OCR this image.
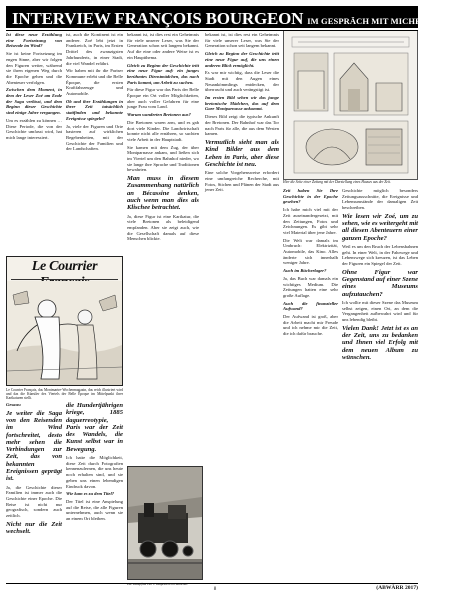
INTERVIEW FRANÇOIS BOURGEON IM GESPRÄCH MIT MICHEL THIÉBAUT

Ist diese neue Erzählung eine Fortsetzung von Reisende im Wind?

Sie ist keine Fortsetzung im engen Sinne, aber wir folgen den Figuren weiter, während sie ihren eigenen Weg durch die Epoche gehen und die Abenteuer verfolgen.

Zwischen dem Moment, in dem der Leser Zoé am Ende der Saga verlässt, und dem Beginn dieser Geschichte sind einige Jahre vergangen.

Um es erzählen zu können … Diese Periode, die von der Geschichte umfasst wird, hat mich lange interessiert.

ist, auch die Kontinent ist ein anderer. Zoé lebt jetzt in Frankreich, in Paris, im Ersten Drittel des zwanzigsten Jahrhunderts, in einer Stadt, die viel Wandel erfährt.

Wir haben mit ihr die Pariser Kommune erlebt und die Belle Époque, die ersten Kraftfahrzeuge und Automobile.

Ob und ihre Erzählungen in ihrer Zeit tatsächlich stattfinden und bekannte Ereignisse spiegeln?

Ja, viele der Figuren und Orte basieren auf wirklichen Begebenheiten, mit der Geschichte der Familien und der Landschaften.

bekannt ist, ist dies rest ein Geheimnis für viele unserer Leser, was Sie der Generation schon seit langem bekannt. Auf die eine oder andere Weise ist es ein Hauptthema.

Gleich zu Beginn der Geschichte tritt eine neue Figur auf: ein junges berühmtes Dienstmädchen, das nach Paris kommt, um Arbeit zu suchen.

Für diese Figur war das Paris der Belle Époque ein Ort voller Möglichkeiten, aber auch voller Gefahren für eine junge Frau vom Land.

Warum wanderten Bretonen aus?

Die Bretonen waren arm, und es gab dort viele Kinder. Die Landwirtschaft konnte nicht alle ernähren, so suchten viele Arbeit in der Hauptstadt.

Sie kamen mit dem Zug, der über Montparnasse ankam, und ließen sich im Viertel um den Bahnhof nieder, wo sie lange ihre Sprache und Traditionen bewahrten.

Man muss in diesem Zusammenhang natürlich an Bécassine denken, auch wenn man dies als Klischee betrachtet.

Ja, diese Figur ist eine Karikatur, die viele Bretonen als beleidigend empfanden. Aber sie zeigt auch, wie die Gesellschaft damals auf diese Menschen blickte.

bekannt ist, ist dies rest ein Geheimnis für viele unserer Leser, was Sie der Generation schon seit langem bekannt.

Gleich zu Beginn der Geschichte tritt eine neue Figur auf, die uns einen anderen Blick ermöglicht.

Es war mir wichtig, dass die Leser die Stadt mit den Augen eines Neuankömmlings entdecken, der überrascht und auch verängstigt ist.

Im ersten Bild sehen wir das junge bretonische Mädchen, das auf dem Gare Montparnasse ankommt.

Dieses Bild zeigt die typische Ankunft der Bretonen. Der Bahnhof war das Tor nach Paris für alle, die aus dem Westen kamen.

Vermutlich sieht man als Kind Bilder aus dem Leben in Paris, aber diese Geschichte ist neu.

Eine solche Vorgehensweise erfordert eine umfangreiche Recherche, mit Fotos, Stichen und Plänen der Stadt aus jener Zeit.	Zeit haben Sie Ihre Geschichte in der Epoche gesehen?

Ich habe mich viel mit der Zeit auseinandergesetzt, mit den Zeitungen, Fotos und Zeichnungen. Es gibt sehr viel Material über jene Jahre.

Die Welt war damals im Umbruch: Elektrizität, Automobile, das Kino. Alles änderte sich innerhalb weniger Jahre.

Auch im Bücherlager?

Ja, das Buch war damals ein wichtiges Medium. Die Zeitungen hatten eine sehr große Auflage.

Auch die finanzieller Aufwand?

Der Aufwand ist groß, aber die Arbeit macht mir Freude und ich nehme mir die Zeit, die ich dafür brauche.

Geschichte möglich besonders Zeitungsausschnitte, die Ereignisse und Lebensumstände der damaligen Zeit beschreiben.

Wie lesen wir Zoé, um zu sehen, wie es weitergeht mit all diesen Abenteuern einer ganzen Epoche?

Weil es um den Bruch der Lebensbahnen geht. In einer Welt, in der Fahrwege und Lebenswege sich kreuzen, ist das Leben der Figuren ein Spiegel der Zeit.

Ohne Figur war Gegenstand auf einer Szene eines Museums aufzutauchen?

Ich wollte mit dieser Szene das Museum selbst zeigen, einen Ort, an dem die Vergangenheit aufbewahrt wird und für uns lebendig bleibt.

Vielen Dank! Jetzt ist es an der Zeit, uns zu bedanken und Ihnen viel Erfolg mit dem neuen Album zu wünschen.

Gesaus:

Je weiter die Saga von den Reisenden im Wind fortschreitet, desto mehr sehen die Verbindungen zur Zeit, das von bekannten Ereignissen geprägt ist.

Ja, die Geschichte dieser Familien ist immer auch die Geschichte einer Epoche. Die Reise ist nicht nur geografisch, sondern auch zeitlich.

Nicht nur die Zeit wechselt.

die Hundertjährigen kriege, 1885 daguerreotypie, Paris war der Zeit des Wandels, die Kunst selbst war in Bewegung.

Ich hatte die Möglichkeit, diese Zeit durch Fotografien kennenzulernen, die uns heute noch erhalten sind, und sie geben uns einen lebendigen Eindruck davon.

Wie kam es zu dem Titel?

Der Titel ist eine Anspielung auf die Reise, die alle Figuren unternehmen, auch wenn sie an einem Ort bleiben.

Le Courrier
Le Courrier Français, das Montmartre-Wochenmagazin, das reich illustriert wird und das die Künstler des Viertels der Belle Époque im Mittelpunkt ihrer Karikaturen stellt.
Hier die Seite einer Zeitung mit der Darstellung eines Hauses aus der Zeit.
Die Dampflok 140 C ausgestellt im Museum.
8	(ABWÄRR 2017)
